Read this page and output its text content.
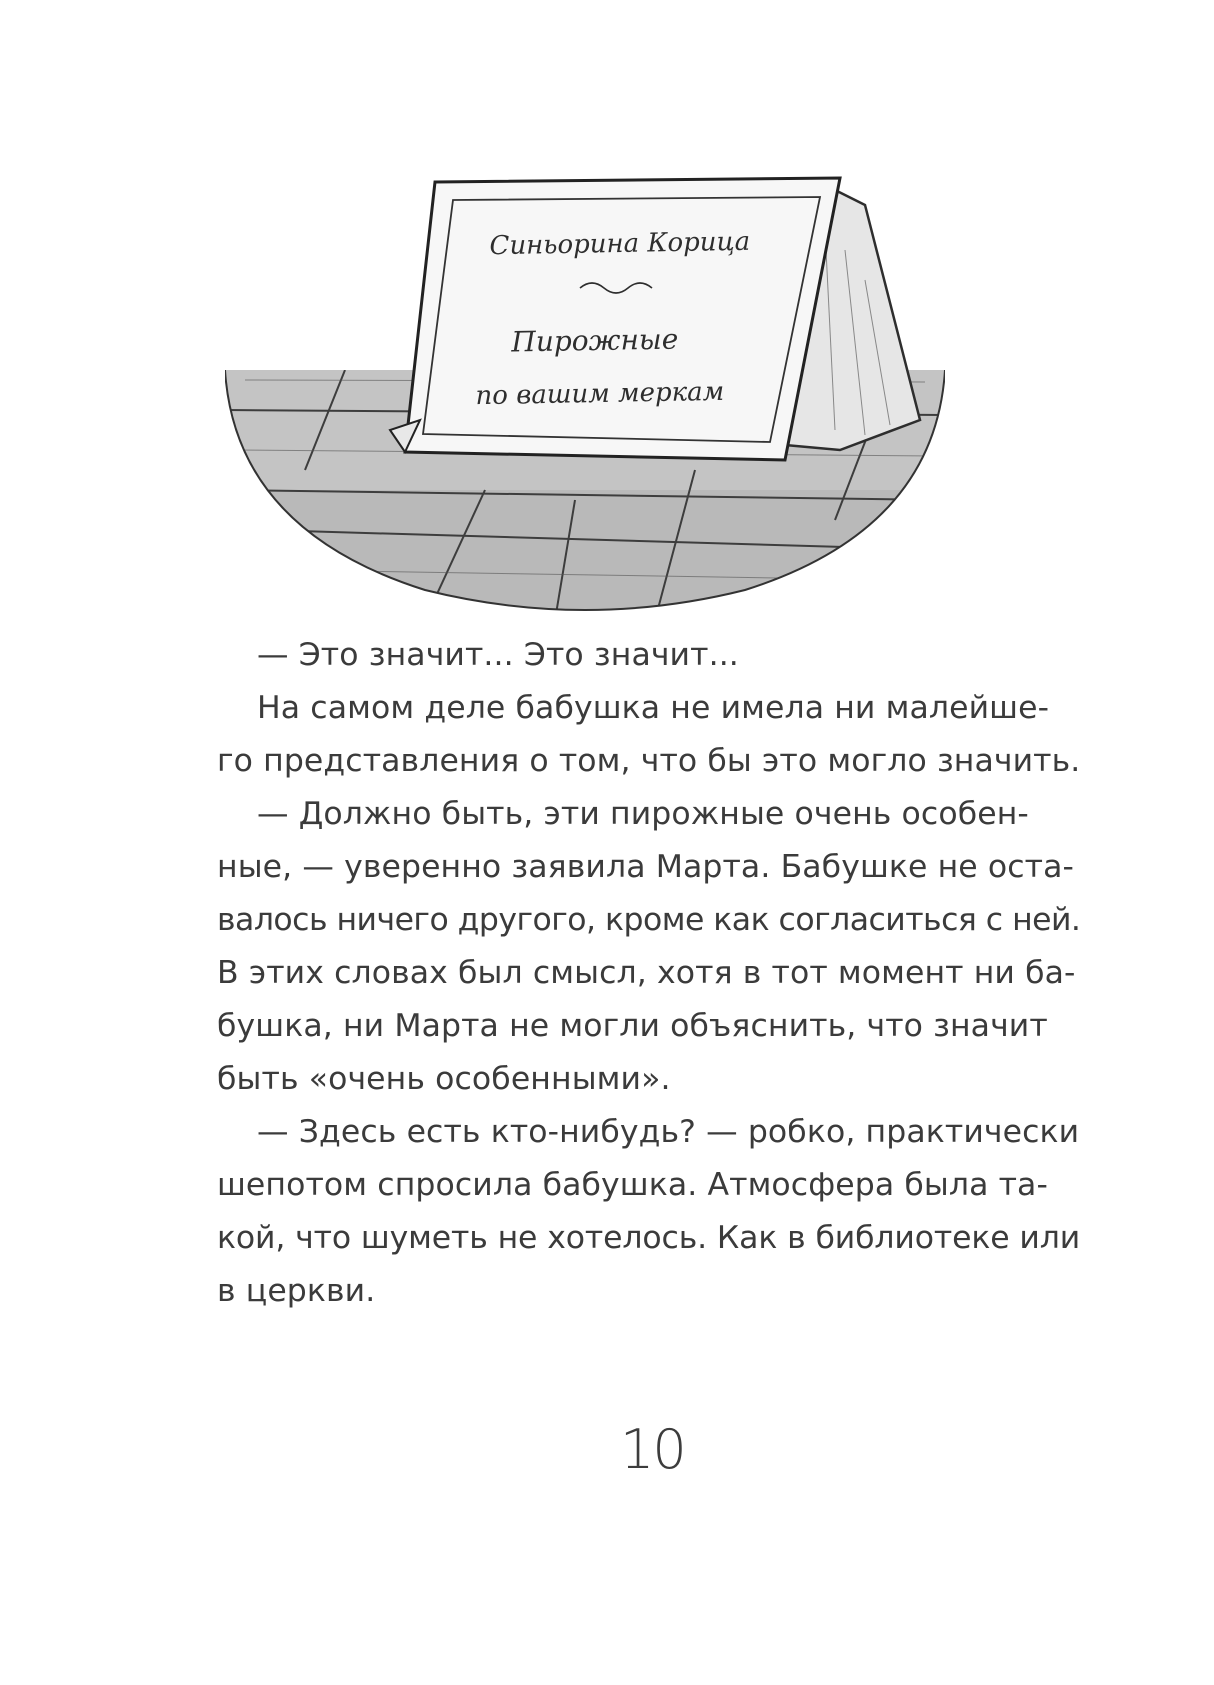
Синьорина Корица
Пирожные
по вашим меркам
— Это значит... Это значит...
На самом деле бабушка не имела ни малейше-
го представления о том, что бы это могло значить.
— Должно быть, эти пирожные очень особен-
ные, — уверенно заявила Марта. Бабушке не оста-
валось ничего другого, кроме как согласиться с ней.
В этих словах был смысл, хотя в тот момент ни ба-
бушка, ни Марта не могли объяснить, что значит
быть «очень особенными».
— Здесь есть кто-нибудь? — робко, практически
шепотом спросила бабушка. Атмосфера была та-
кой, что шуметь не хотелось. Как в библиотеке или
в церкви.
10
